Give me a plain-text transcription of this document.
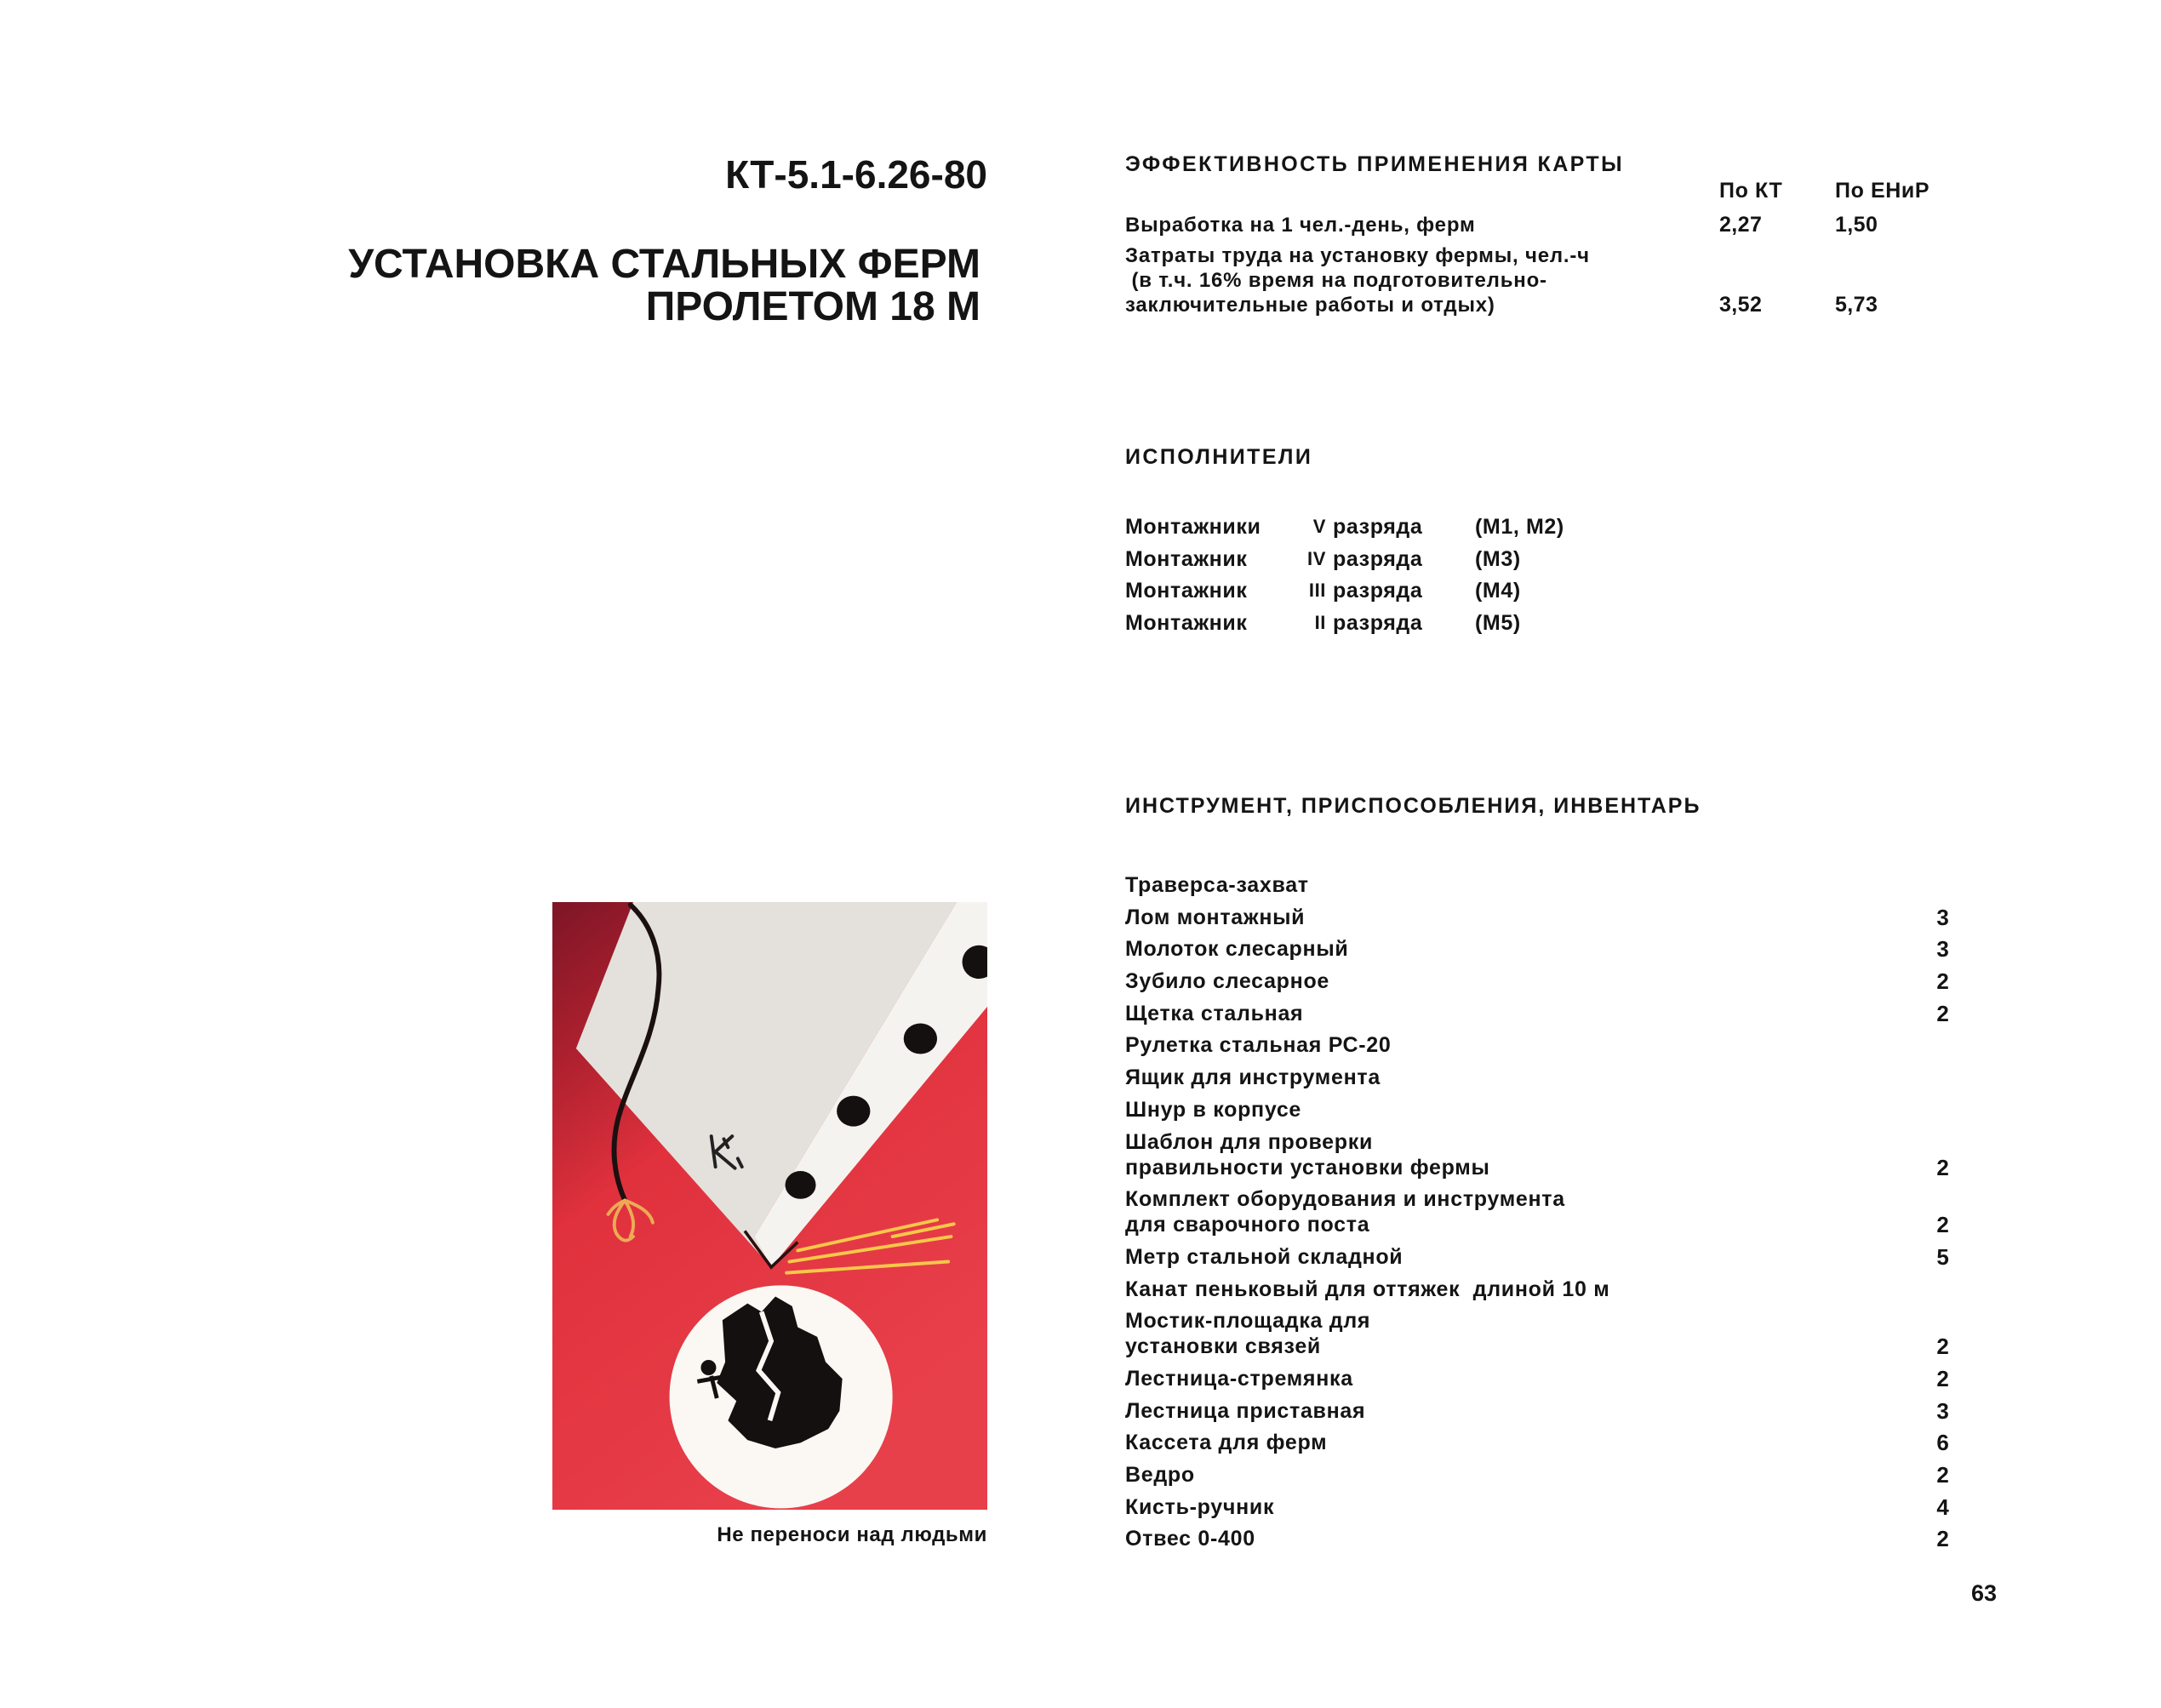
КТ-5.1-6.26-80
УСТАНОВКА СТАЛЬНЫХ ФЕРМ
ПРОЛЕТОМ 18 М
ЭФФЕКТИВНОСТЬ ПРИМЕНЕНИЯ КАРТЫ
По КТ По ЕНиР
Выработка на 1 чел.-день, ферм	2,27	1,50
Затраты труда на установку фермы, чел.-ч
(в т.ч. 16% время на подготовительно-
заключительные работы и отдых)	3,52	5,73
ИСПОЛНИТЕЛИ
Монтажники	V разряда (М1, М2)
Монтажник	IV разряда (М3)
Монтажник	III разряда (М4)
Монтажник	II разряда (М5)
ИНСТРУМЕНТ, ПРИСПОСОБЛЕНИЯ, ИНВЕНТАРЬ
Траверса-захват
Лом монтажный	3
Молоток слесарный	3
Зубило слесарное	2
Щетка стальная	2
Рулетка стальная РС-20
Ящик для инструмента
Шнур в корпусе
Шаблон для проверки
правильности установки фермы	2
Комплект оборудования и инструмента
для сварочного поста	2
Метр стальной складной	5
Канат пеньковый для оттяжек  длиной 10 м
Мостик-площадка для
установки связей	2
Лестница-стремянка	2
Лестница приставная	3
Кассета для ферм	6
Ведро	2
Кисть-ручник	4
Отвес 0-400	2
Не переноси над людьми
63
